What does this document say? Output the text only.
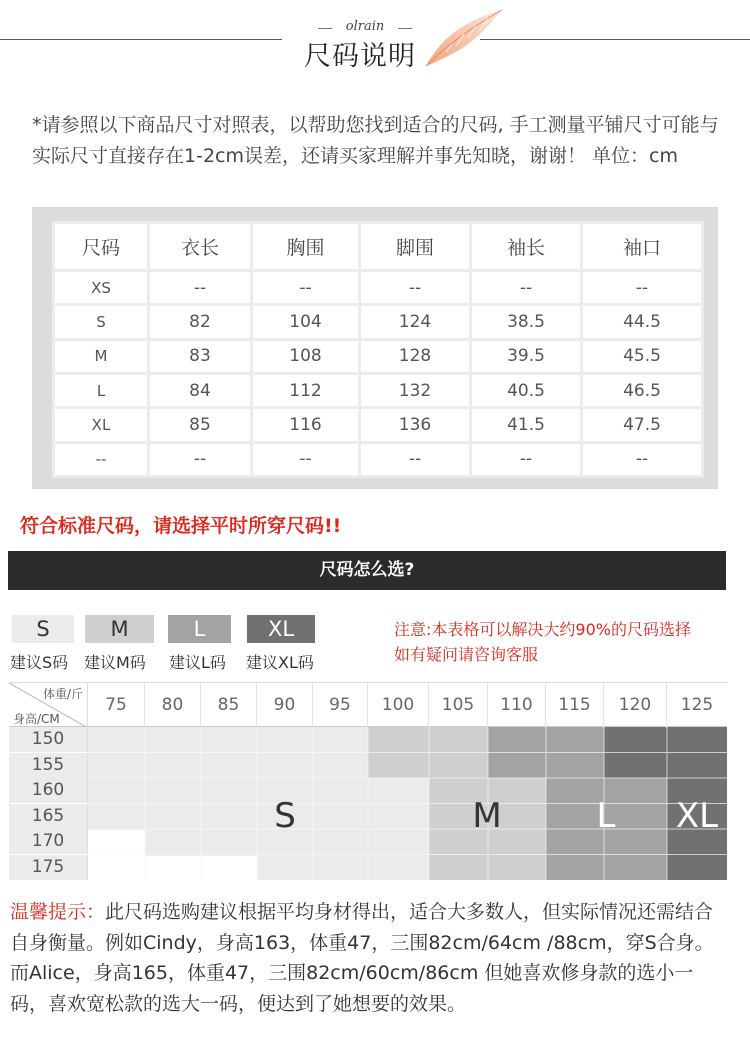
olrain
尺码说明
*请参照以下商品尺寸对照表，以帮助您找到适合的尺码, 手工测量平铺尺寸可能与实际尺寸直接存在1-2cm误差，还请买家理解并事先知晓，谢谢！ 单位：cm
尺码	衣长	胸围	脚围	袖长	袖口
XS	--	--	--	--	--
S	82	104	124	38.5	44.5
M	83	108	128	39.5	45.5
L	84	112	132	40.5	46.5
XL	85	116	136	41.5	47.5
--	--	--	--	--	--
符合标准尺码，请选择平时所穿尺码!!
尺码怎么选?
S	M	L	XL
建议S码 建议M码 建议L码 建议XL码
注意:本表格可以解决大约90%的尺码选择
如有疑问请咨询客服
体重/斤
身高/CM
75	80	85	90	95	100	105	110	115	120	125
150
155
160
165
170
175
S	M	L	XL
温馨提示：此尺码选购建议根据平均身材得出，适合大多数人，但实际情况还需结合自身衡量。例如Cindy，身高163，体重47，三围82cm/64cm /88cm，穿S合身。而Alice，身高165，体重47，三围82cm/60cm/86cm 但她喜欢修身款的选小一码，喜欢宽松款的选大一码，便达到了她想要的效果。
